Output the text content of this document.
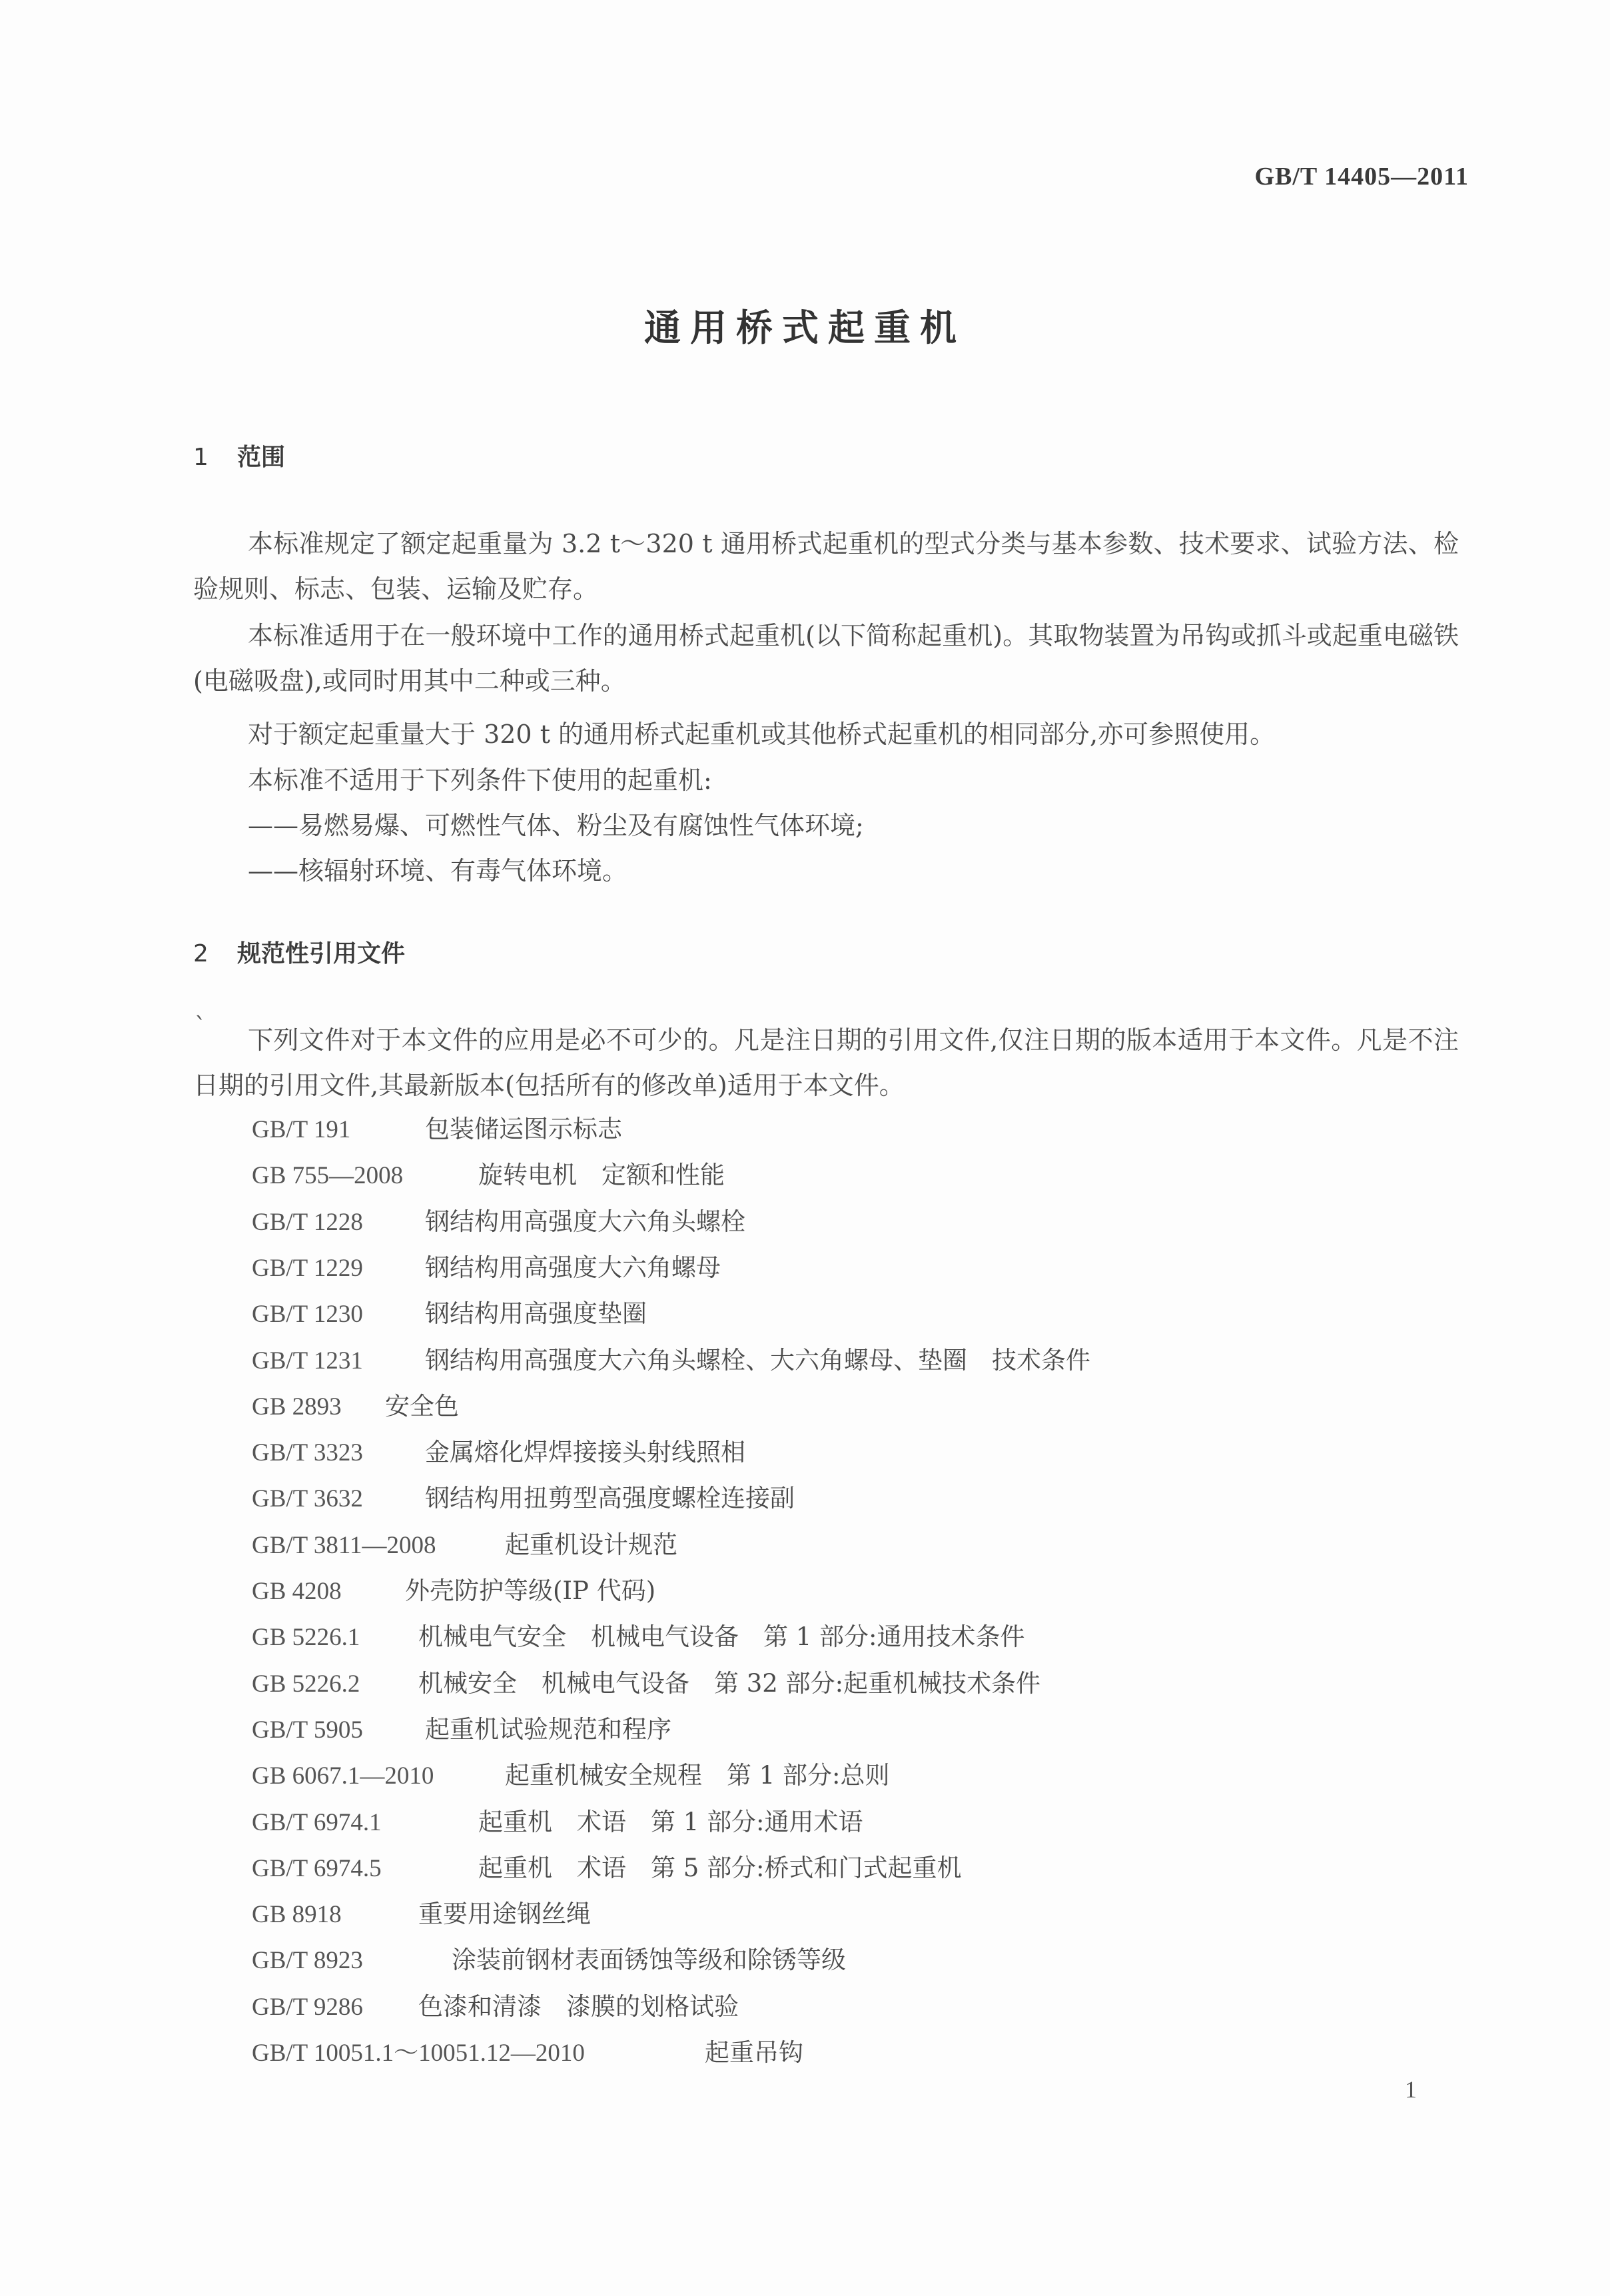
GB/T 14405—2011
通用桥式起重机
1 范围
本标准规定了额定起重量为 3.2 t～320 t 通用桥式起重机的型式分类与基本参数、技术要求、试验方法、检验规则、标志、包装、运输及贮存。
本标准适用于在一般环境中工作的通用桥式起重机(以下简称起重机)。其取物装置为吊钩或抓斗或起重电磁铁(电磁吸盘),或同时用其中二种或三种。
对于额定起重量大于 320 t 的通用桥式起重机或其他桥式起重机的相同部分,亦可参照使用。
本标准不适用于下列条件下使用的起重机:
——易燃易爆、可燃性气体、粉尘及有腐蚀性气体环境;
——核辐射环境、有毒气体环境。
2 规范性引用文件
`	下列文件对于本文件的应用是必不可少的。凡是注日期的引用文件,仅注日期的版本适用于本文件。凡是不注日期的引用文件,其最新版本(包括所有的修改单)适用于本文件。
GB/T 191	包装储运图示标志
GB 755—2008	旋转电机　定额和性能
GB/T 1228	钢结构用高强度大六角头螺栓
GB/T 1229	钢结构用高强度大六角螺母
GB/T 1230	钢结构用高强度垫圈
GB/T 1231	钢结构用高强度大六角头螺栓、大六角螺母、垫圈　技术条件
GB 2893 安全色
GB/T 3323	金属熔化焊焊接接头射线照相
GB/T 3632	钢结构用扭剪型高强度螺栓连接副
GB/T 3811—2008	起重机设计规范
GB 4208	外壳防护等级(IP 代码)
GB 5226.1 机械电气安全　机械电气设备　第 1 部分:通用技术条件
GB 5226.2 机械安全　机械电气设备　第 32 部分:起重机械技术条件
GB/T 5905	起重机试验规范和程序
GB 6067.1—2010	起重机械安全规程　第 1 部分:总则
GB/T 6974.1	起重机　术语　第 1 部分:通用术语
GB/T 6974.5	起重机　术语　第 5 部分:桥式和门式起重机
GB 8918	重要用途钢丝绳
GB/T 8923	涂装前钢材表面锈蚀等级和除锈等级
GB/T 9286 色漆和清漆　漆膜的划格试验
GB/T 10051.1～10051.12—2010	起重吊钩
1
